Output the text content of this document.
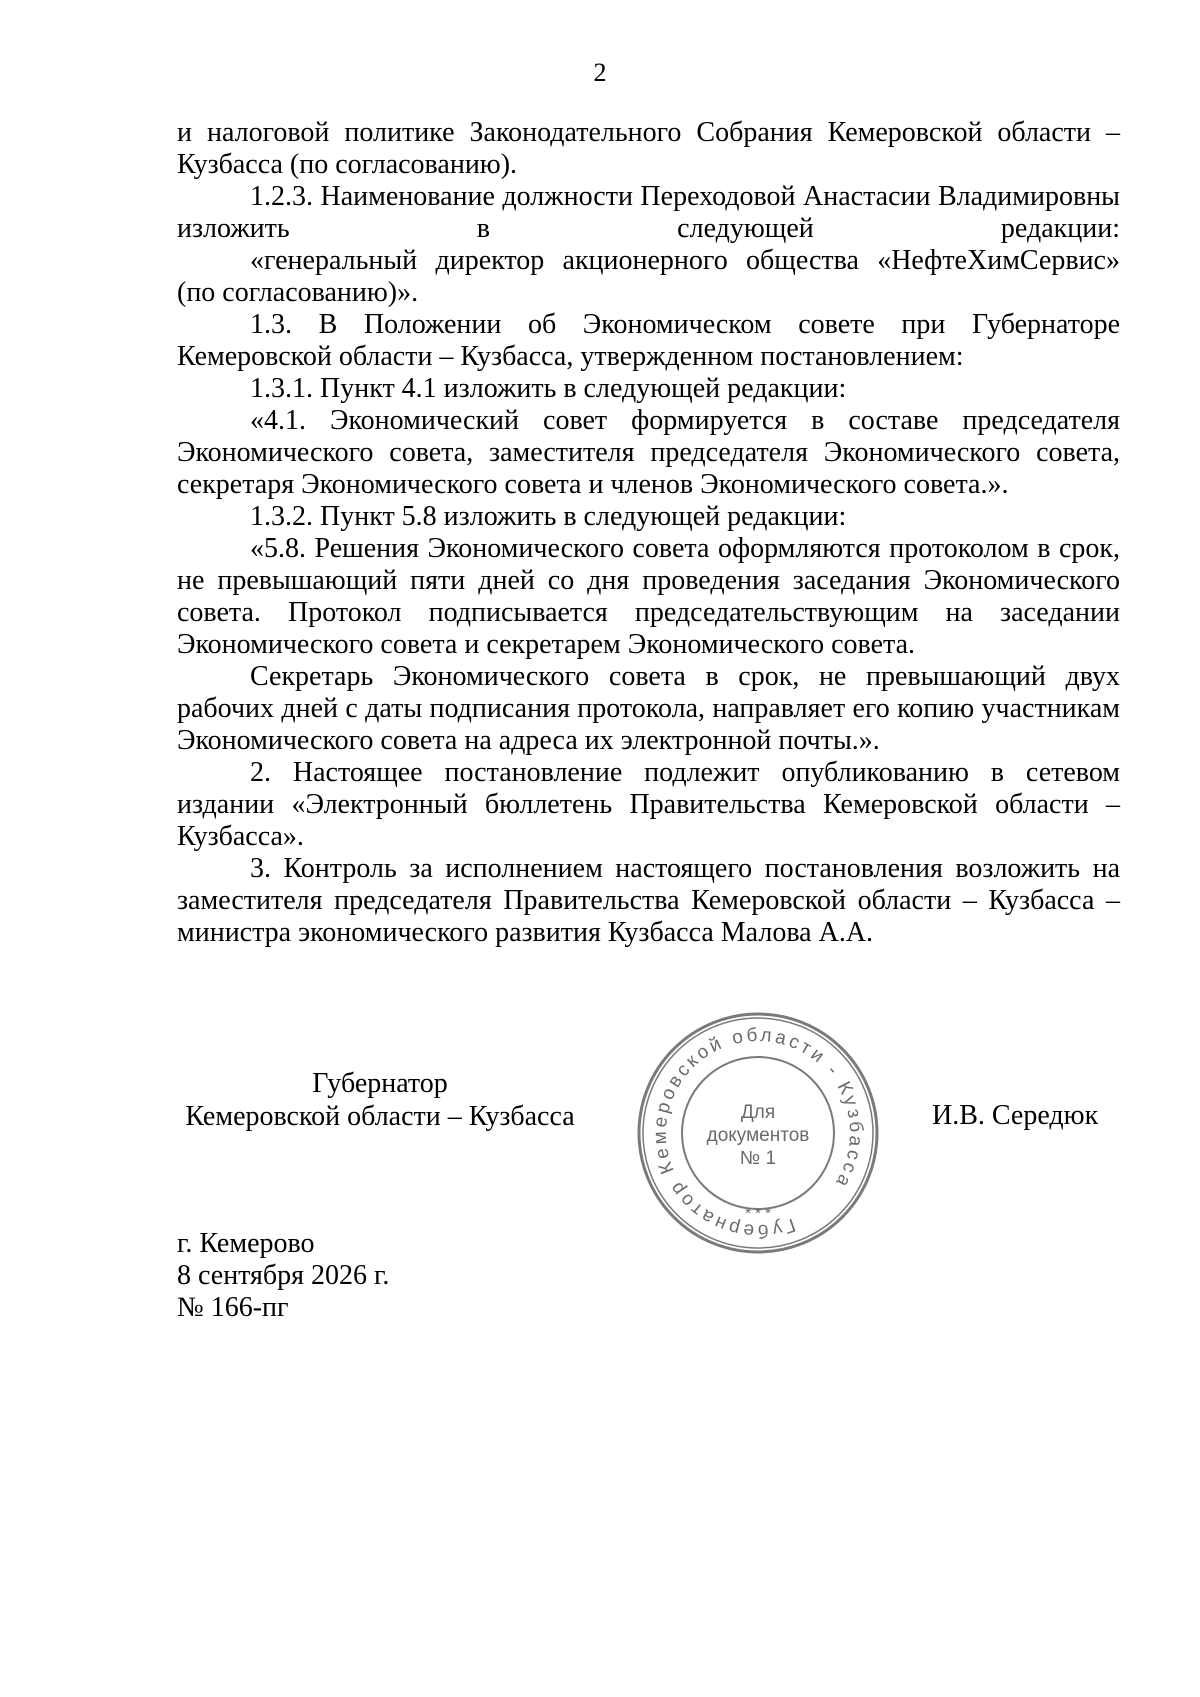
2

и налоговой политике Законодательного Собрания Кемеровской области – Кузбасса (по согласованию).

1.2.3. Наименование должности Переходовой Анастасии Владимировны изложить в следующей редакции:

«генеральный директор акционерного общества «НефтеХимСервис» (по согласованию)».

1.3. В Положении об Экономическом совете при Губернаторе Кемеровской области – Кузбасса, утвержденном постановлением:

1.3.1. Пункт 4.1 изложить в следующей редакции:

«4.1. Экономический совет формируется в составе председателя Экономического совета, заместителя председателя Экономического совета, секретаря Экономического совета и членов Экономического совета.».

1.3.2. Пункт 5.8 изложить в следующей редакции:

«5.8. Решения Экономического совета оформляются протоколом в срок, не превышающий пяти дней со дня проведения заседания Экономического совета. Протокол подписывается председательствующим на заседании Экономического совета и секретарем Экономического совета.

Секретарь Экономического совета в срок, не превышающий двух рабочих дней с даты подписания протокола, направляет его копию участникам Экономического совета на адреса их электронной почты.».

2. Настоящее постановление подлежит опубликованию в сетевом издании «Электронный бюллетень Правительства Кемеровской области – Кузбасса».

3. Контроль за исполнением настоящего постановления возложить на заместителя председателя Правительства Кемеровской области – Кузбасса – министра экономического развития Кузбасса Малова А.А.

Губернатор
Кемеровской области – Кузбасса
Губернатор Кемеровской области - Кузбасса
* * *
Для
документов
№ 1
И.В. Середюк
г. Кемерово
8 сентября 2026 г.
№ 166-пг
